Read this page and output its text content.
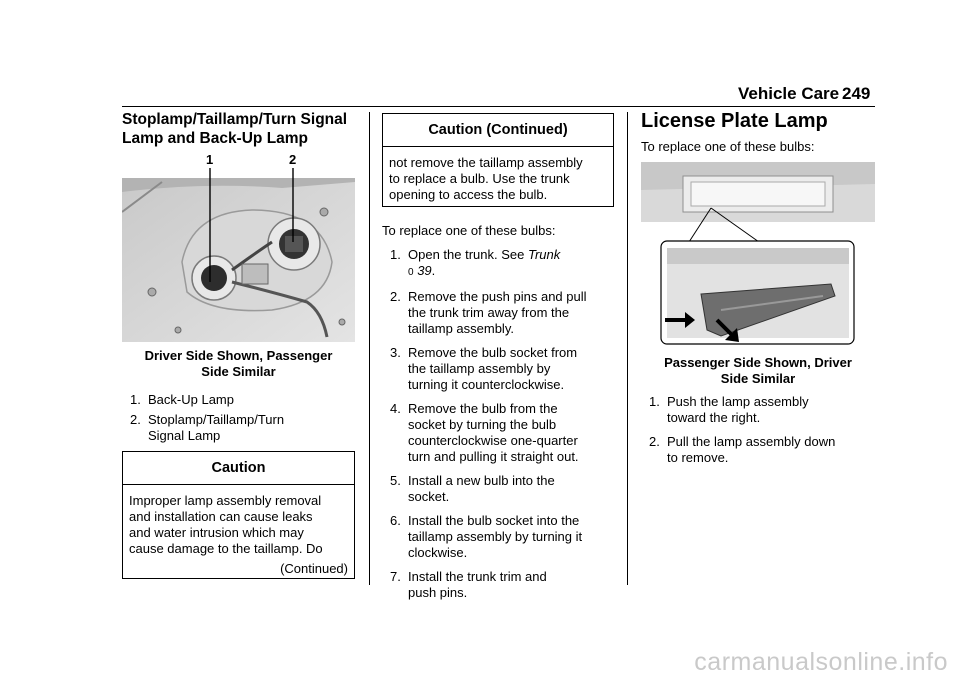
Vehicle Care 249
Stoplamp/Taillamp/Turn Signal
Lamp and Back-Up Lamp
1	2
Driver Side Shown, Passenger
Side Similar
1. Back-Up Lamp
2. Stoplamp/Taillamp/Turn
Signal Lamp
Caution
Improper lamp assembly removal
and installation can cause leaks
and water intrusion which may
cause damage to the taillamp. Do
(Continued)
Caution (Continued)
not remove the taillamp assembly
to replace a bulb. Use the trunk
opening to access the bulb.
To replace one of these bulbs:
1. Open the trunk. See Trunk
0 39.
2. Remove the push pins and pull
the trunk trim away from the
taillamp assembly.
3. Remove the bulb socket from
the taillamp assembly by
turning it counterclockwise.
4. Remove the bulb from the
socket by turning the bulb
counterclockwise one-quarter
turn and pulling it straight out.
5. Install a new bulb into the
socket.
6. Install the bulb socket into the
taillamp assembly by turning it
clockwise.
7. Install the trunk trim and
push pins.
License Plate Lamp
To replace one of these bulbs:
Passenger Side Shown, Driver
Side Similar
1. Push the lamp assembly
toward the right.
2. Pull the lamp assembly down
to remove.
carmanualsonline.info
